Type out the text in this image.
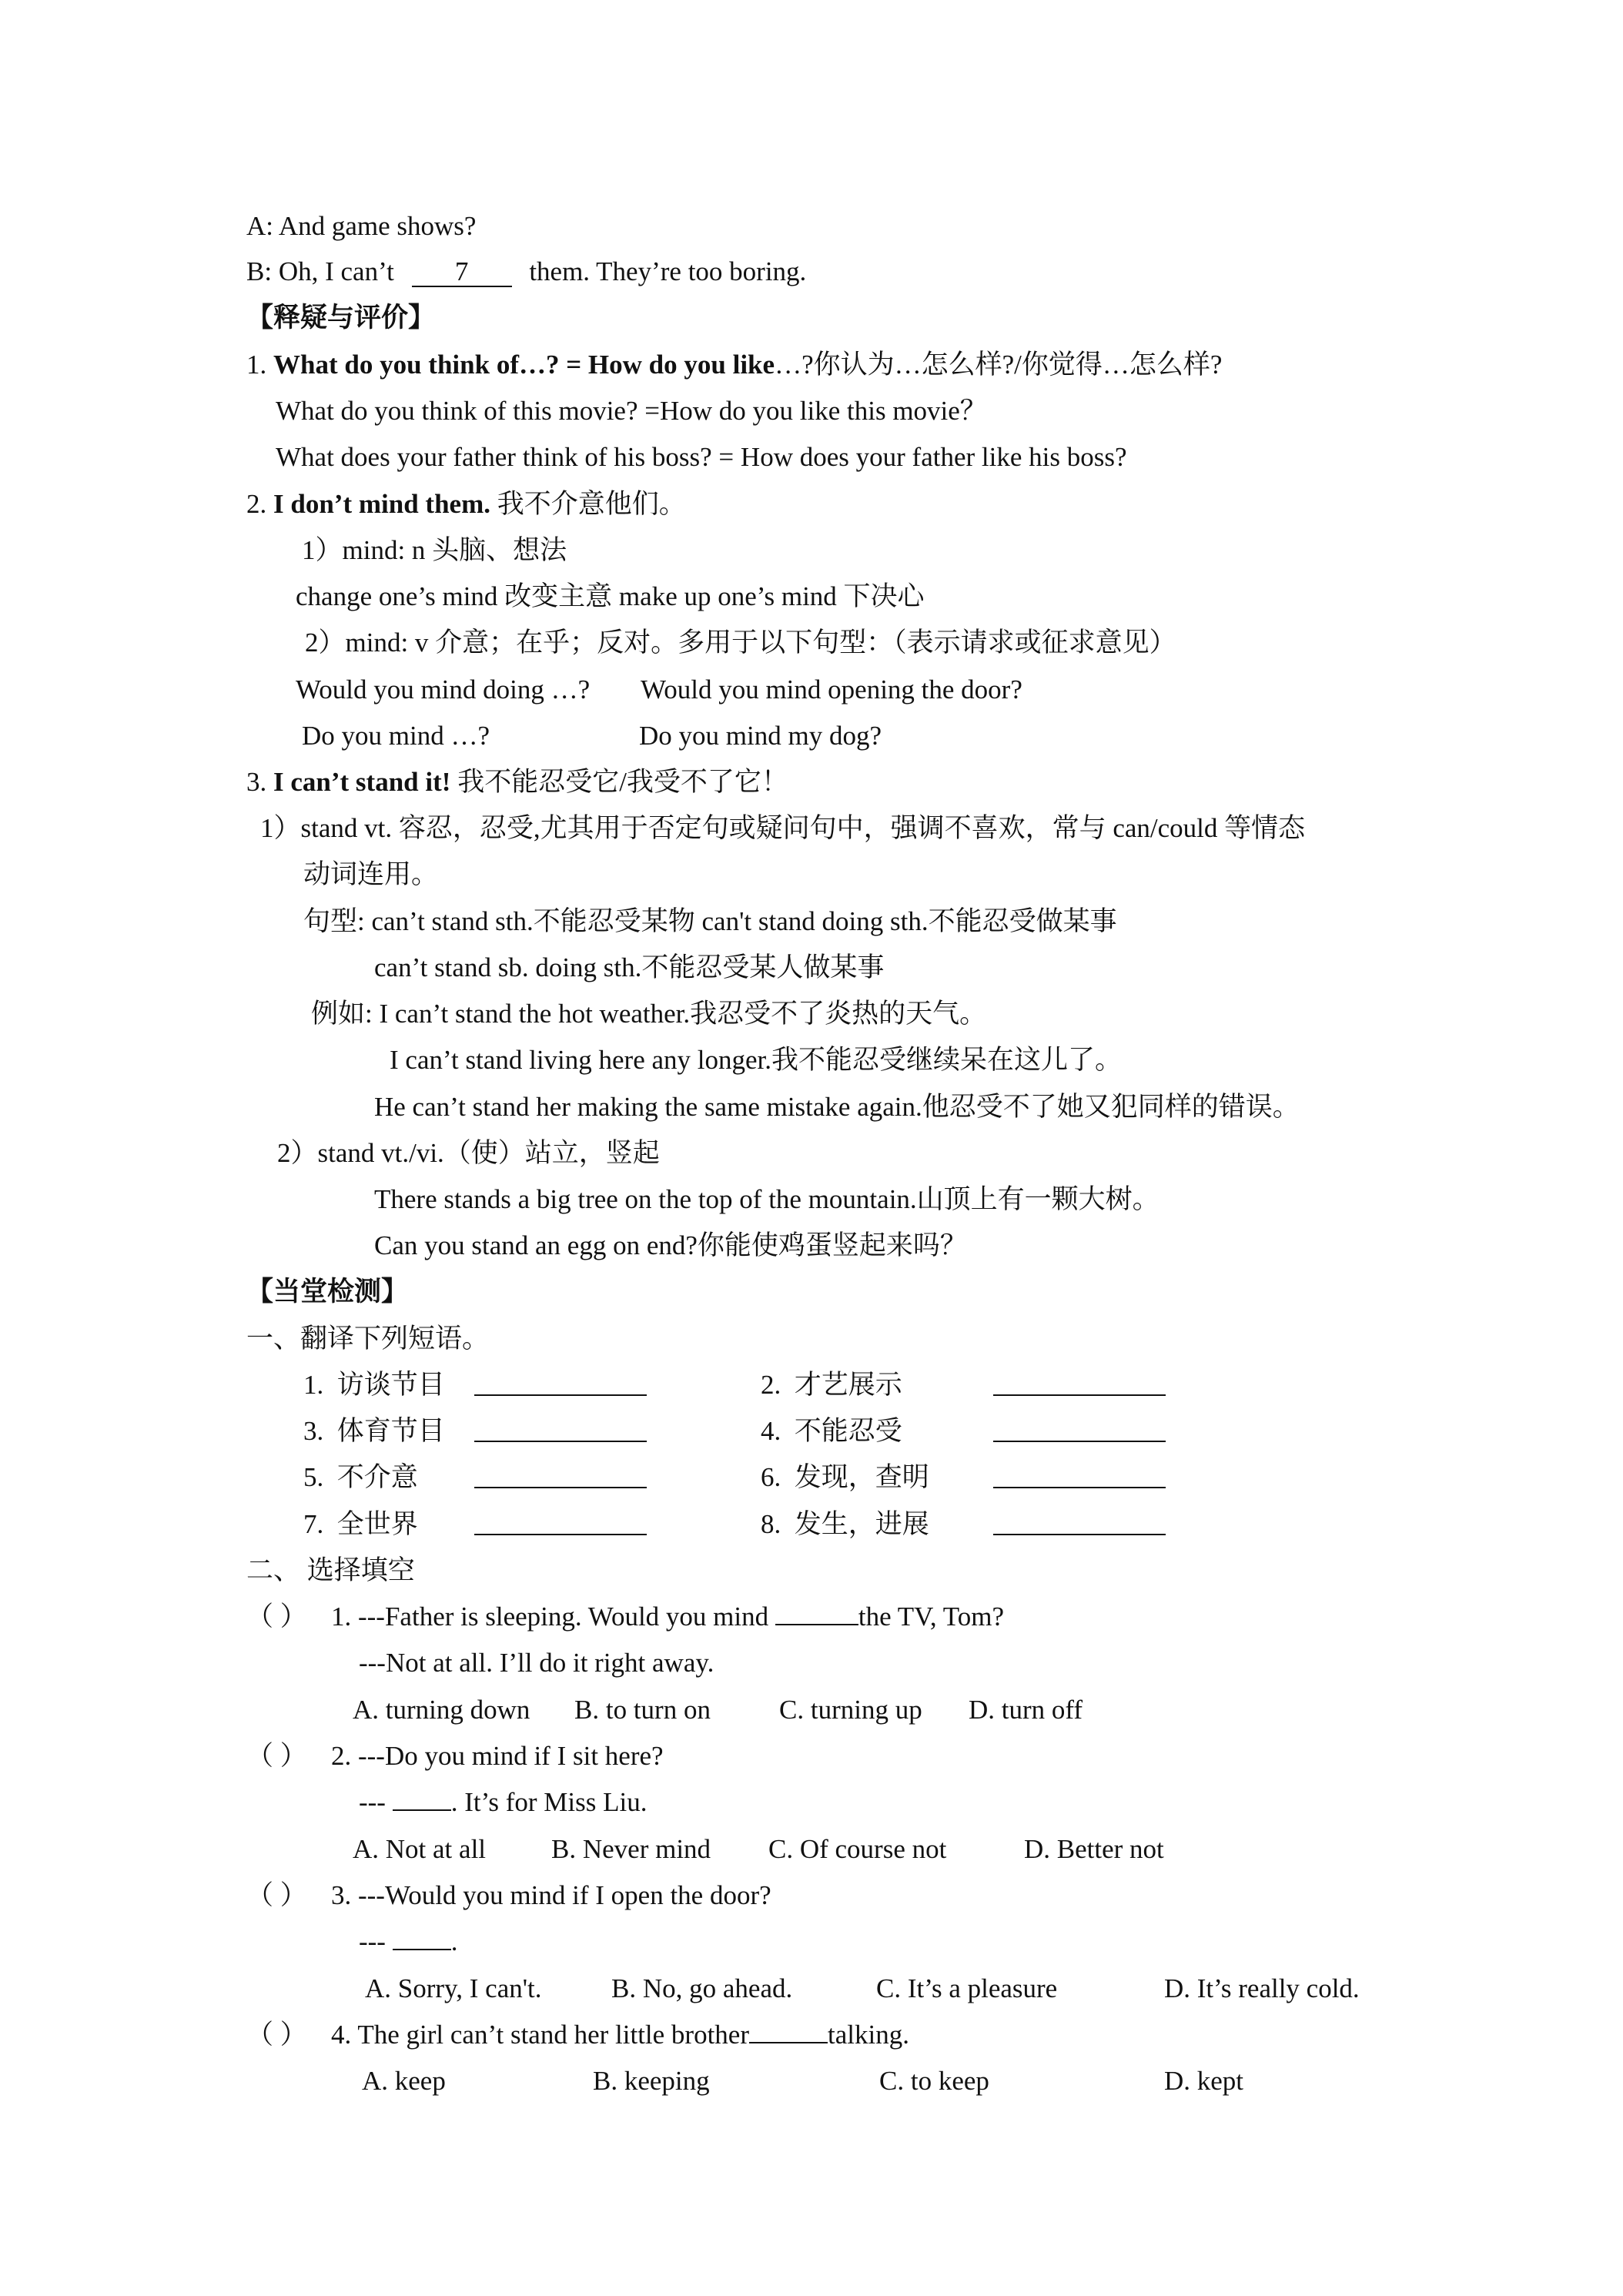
A: And game shows?
B: Oh, I can’t 7 them. They’re too boring.
【释疑与评价】
1. What do you think of…? = How do you like…?你认为…怎么样?/你觉得…怎么样?
What do you think of this movie? =How do you like this movie？
What does your father think of his boss? = How does your father like his boss?
2. I don’t mind them. 我不介意他们。
1）mind: n 头脑、想法
change one’s mind 改变主意 make up one’s mind 下决心
2）mind: v 介意；在乎；反对。多用于以下句型：（表示请求或征求意见）
Would you mind doing …? Would you mind opening the door?
Do you mind …?	Do you mind my dog?
3. I can’t stand it! 我不能忍受它/我受不了它！
1）stand vt. 容忍，忍受,尤其用于否定句或疑问句中，强调不喜欢，常与 can/could 等情态
动词连用。
句型: can’t stand sth.不能忍受某物 can't stand doing sth.不能忍受做某事
can’t stand sb. doing sth.不能忍受某人做某事
例如: I can’t stand the hot weather.我忍受不了炎热的天气。
I can’t stand living here any longer.我不能忍受继续呆在这儿了。
He can’t stand her making the same mistake again.他忍受不了她又犯同样的错误。
2）stand vt./vi.（使）站立，竖起
There stands a big tree on the top of the mountain.山顶上有一颗大树。
Can you stand an egg on end?你能使鸡蛋竖起来吗？
【当堂检测】
一、翻译下列短语。
1. 访谈节目	2. 才艺展示
3. 体育节目	4. 不能忍受
5. 不介意	6. 发现，查明
7. 全世界	8. 发生，进展
二、 选择填空
（ ） 1. ---Father is sleeping. Would you mind	the TV, Tom?
---Not at all. I’ll do it right away.
A. turning down B. to turn on	C. turning up D. turn off
（ ） 2. ---Do you mind if I sit here?
--- . It’s for Miss Liu.
A. Not at all B. Never mind C. Of course not	D. Better not
（ ） 3. ---Would you mind if I open the door?
--- .
A. Sorry, I can't.	B. No, go ahead.	C. It’s a pleasure	D. It’s really cold.
（ ） 4. The girl can’t stand her little brother	talking.
A. keep	B. keeping	C. to keep	D. kept
